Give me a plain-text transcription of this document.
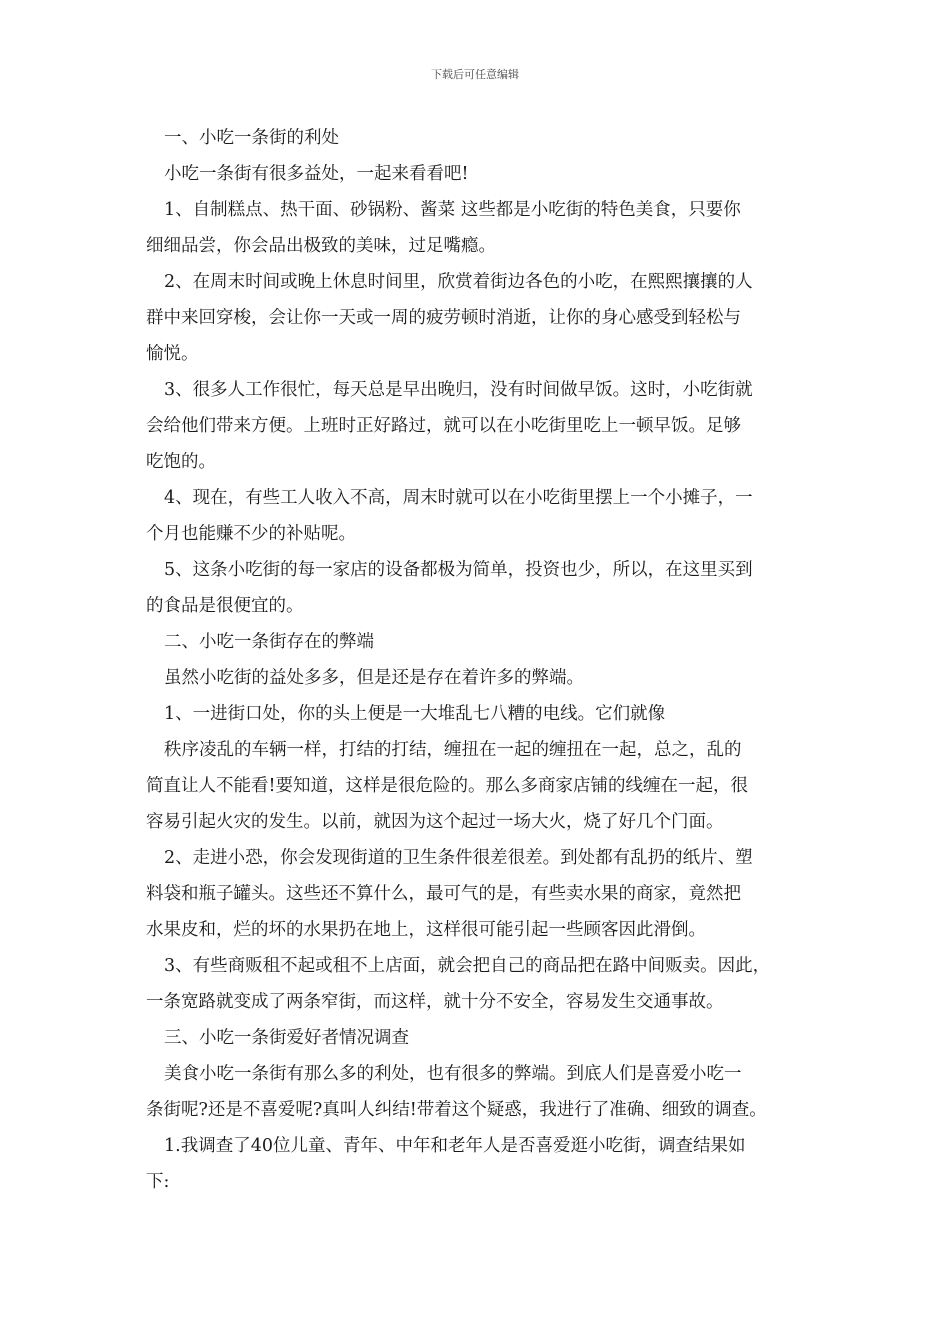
下载后可任意编辑
一、小吃一条街的利处
小吃一条街有很多益处，一起来看看吧!
1、自制糕点、热干面、砂锅粉、酱菜 这些都是小吃街的特色美食，只要你
细细品尝，你会品出极致的美味，过足嘴瘾。
2、在周末时间或晚上休息时间里，欣赏着街边各色的小吃，在熙熙攘攘的人
群中来回穿梭，会让你一天或一周的疲劳顿时消逝，让你的身心感受到轻松与
愉悦。
3、很多人工作很忙，每天总是早出晚归，没有时间做早饭。这时，小吃街就
会给他们带来方便。上班时正好路过，就可以在小吃街里吃上一顿早饭。足够
吃饱的。
4、现在，有些工人收入不高，周末时就可以在小吃街里摆上一个小摊子，一
个月也能赚不少的补贴呢。
5、这条小吃街的每一家店的设备都极为简单，投资也少，所以，在这里买到
的食品是很便宜的。
二、小吃一条街存在的弊端
虽然小吃街的益处多多，但是还是存在着许多的弊端。
1、一进街口处，你的头上便是一大堆乱七八糟的电线。它们就像
秩序凌乱的车辆一样，打结的打结，缠扭在一起的缠扭在一起，总之，乱的
简直让人不能看!要知道，这样是很危险的。那么多商家店铺的线缠在一起，很
容易引起火灾的发生。以前，就因为这个起过一场大火，烧了好几个门面。
2、走进小恐，你会发现街道的卫生条件很差很差。到处都有乱扔的纸片、塑
料袋和瓶子罐头。这些还不算什么，最可气的是，有些卖水果的商家，竟然把
水果皮和，烂的坏的水果扔在地上，这样很可能引起一些顾客因此滑倒。
3、有些商贩租不起或租不上店面，就会把自己的商品把在路中间贩卖。因此，
一条宽路就变成了两条窄街，而这样，就十分不安全，容易发生交通事故。
三、小吃一条街爱好者情况调查
美食小吃一条街有那么多的利处，也有很多的弊端。到底人们是喜爱小吃一
条街呢?还是不喜爱呢?真叫人纠结!带着这个疑惑，我进行了准确、细致的调查。
1.我调查了40位儿童、青年、中年和老年人是否喜爱逛小吃街，调查结果如
下:
